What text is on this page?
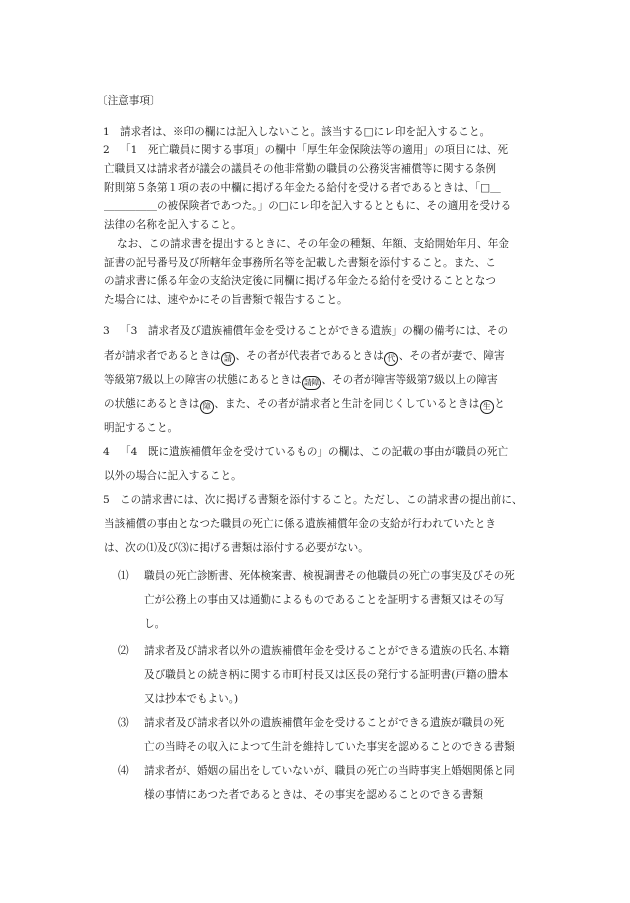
〔注意事項〕
1 請求者は、※印の欄には記入しないこと。該当する□にレ印を記入すること。
2 「1　死亡職員に関する事項」の欄中「厚生年金保険法等の適用」の項目には、死
亡職員又は請求者が議会の議員その他非常勤の職員の公務災害補償等に関する条例
附則第５条第１項の表の中欄に掲げる年金たる給付を受ける者であるときは、「□＿
＿＿＿＿＿の被保険者であつた。」の□にレ印を記入するとともに、その適用を受ける
法律の名称を記入すること。
なお、この請求書を提出するときに、その年金の種類、年額、支給開始年月、年金
証書の記号番号及び所轄年金事務所名等を記載した書類を添付すること。また、こ
の請求書に係る年金の支給決定後に同欄に掲げる年金たる給付を受けることとなつ
た場合には、速やかにその旨書類で報告すること。
3 「3　請求者及び遺族補償年金を受けることができる遺族」の欄の備考には、その
者が請求者であるときは 請 、その者が代表者であるときは 代 、その者が妻で、障害
等級第7級以上の障害の状態にあるときは 請障 、その者が障害等級第7級以上の障害
の状態にあるときは 障 、また、その者が請求者と生計を同じくしているときは 生 と
明記すること。
4 「4　既に遺族補償年金を受けているもの」の欄は、この記載の事由が職員の死亡
以外の場合に記入すること。
5 この請求書には、次に掲げる書類を添付すること。ただし、この請求書の提出前に、
当該補償の事由となつた職員の死亡に係る遺族補償年金の支給が行われていたとき
は、次の⑴及び⑶に掲げる書類は添付する必要がない。
⑴ 職員の死亡診断書、死体検案書、検視調書その他職員の死亡の事実及びその死
亡が公務上の事由又は通勤によるものであることを証明する書類又はその写
し。
⑵ 請求者及び請求者以外の遺族補償年金を受けることができる遺族の氏名､本籍
及び職員との続き柄に関する市町村長又は区長の発行する証明書(戸籍の謄本
又は抄本でもよい。)
⑶ 請求者及び請求者以外の遺族補償年金を受けることができる遺族が職員の死
亡の当時その収入によつて生計を維持していた事実を認めることのできる書類
⑷ 請求者が、婚姻の届出をしていないが、職員の死亡の当時事実上婚姻関係と同
様の事情にあつた者であるときは、その事実を認めることのできる書類
